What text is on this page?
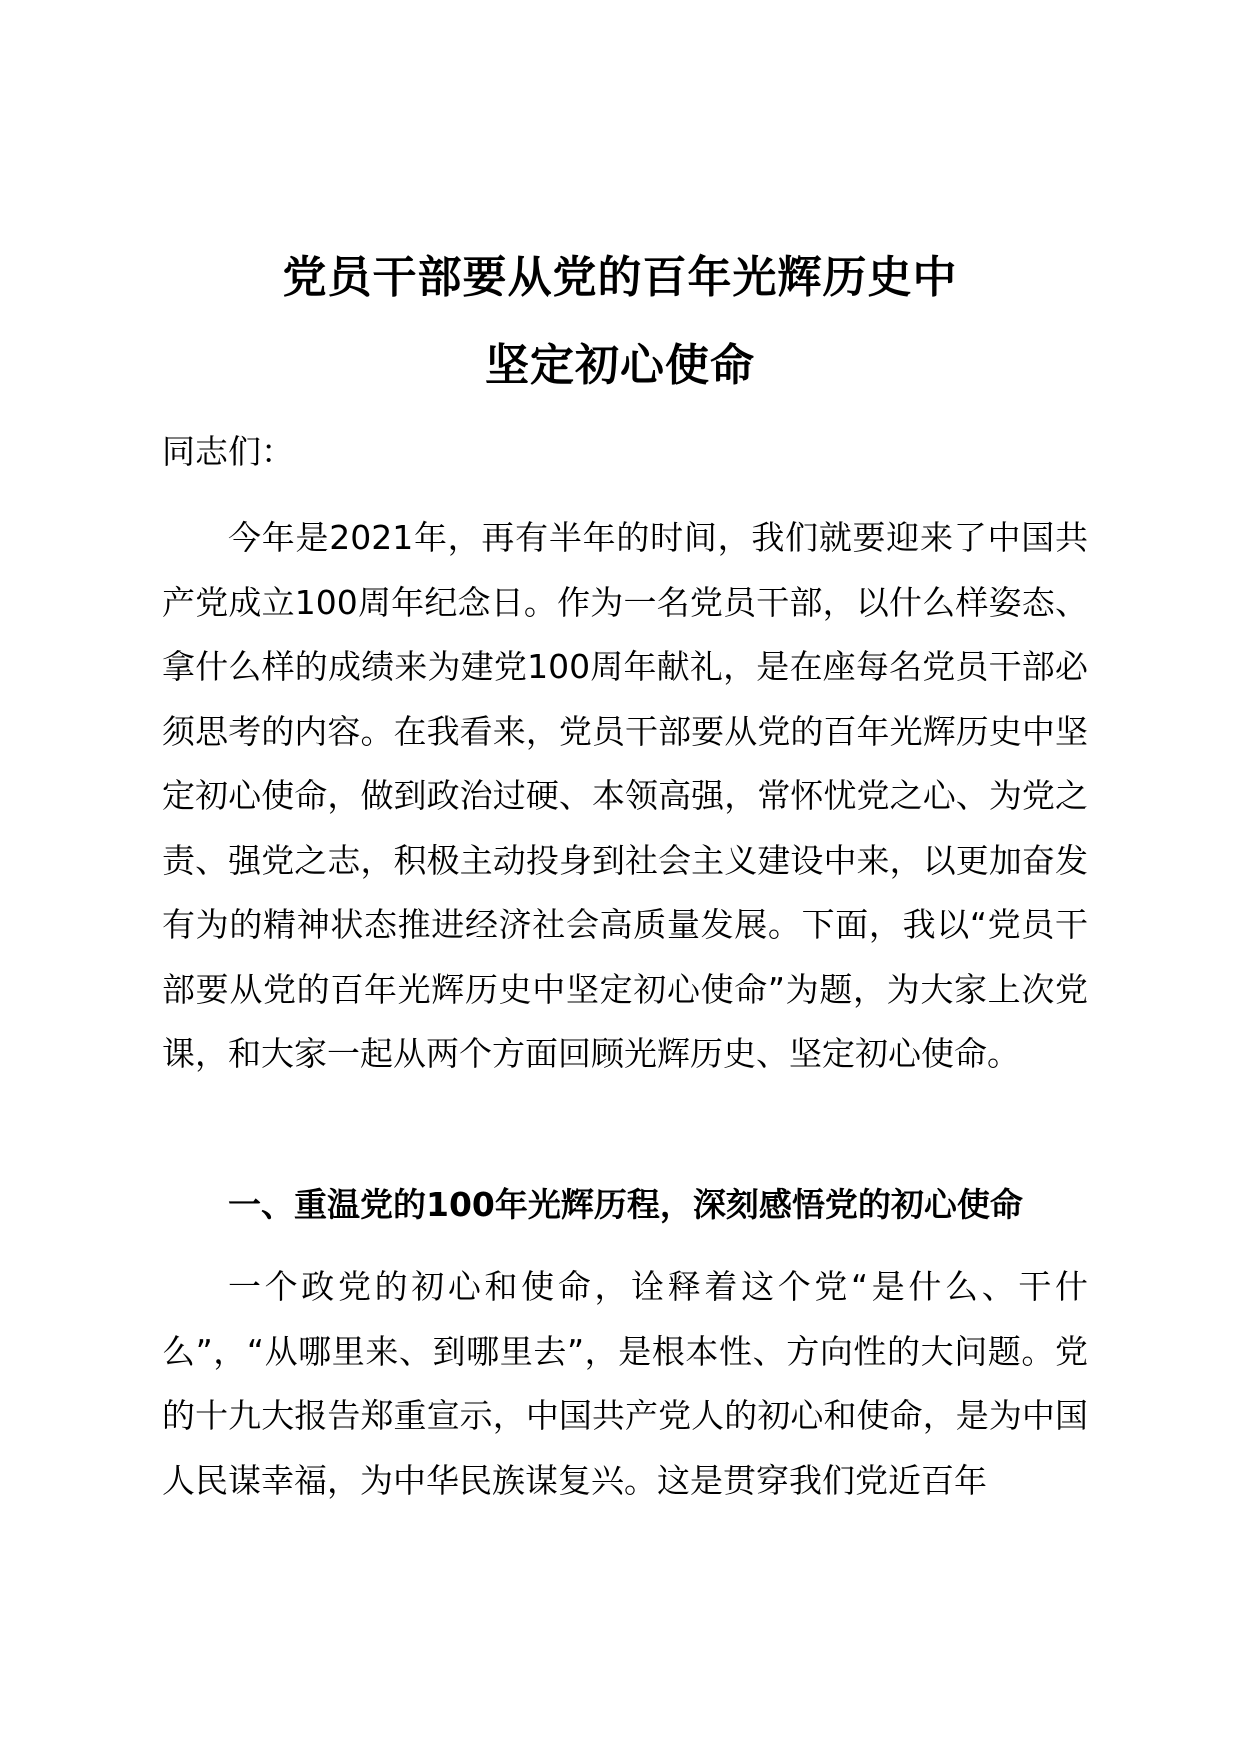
党员干部要从党的百年光辉历史中
坚定初心使命

同志们：

今年是2021年，再有半年的时间，我们就要迎来了中国共产党成立100周年纪念日。作为一名党员干部，以什么样姿态、拿什么样的成绩来为建党100周年献礼，是在座每名党员干部必须思考的内容。在我看来，党员干部要从党的百年光辉历史中坚定初心使命，做到政治过硬、本领高强，常怀忧党之心、为党之责、强党之志，积极主动投身到社会主义建设中来，以更加奋发有为的精神状态推进经济社会高质量发展。下面，我以“党员干部要从党的百年光辉历史中坚定初心使命”为题，为大家上次党课，和大家一起从两个方面回顾光辉历史、坚定初心使命。

一、重温党的100年光辉历程，深刻感悟党的初心使命

一个政党的初心和使命，诠释着这个党“是什么、干什么”，“从哪里来、到哪里去”，是根本性、方向性的大问题。党的十九大报告郑重宣示，中国共产党人的初心和使命，是为中国人民谋幸福，为中华民族谋复兴。这是贯穿我们党近百年
